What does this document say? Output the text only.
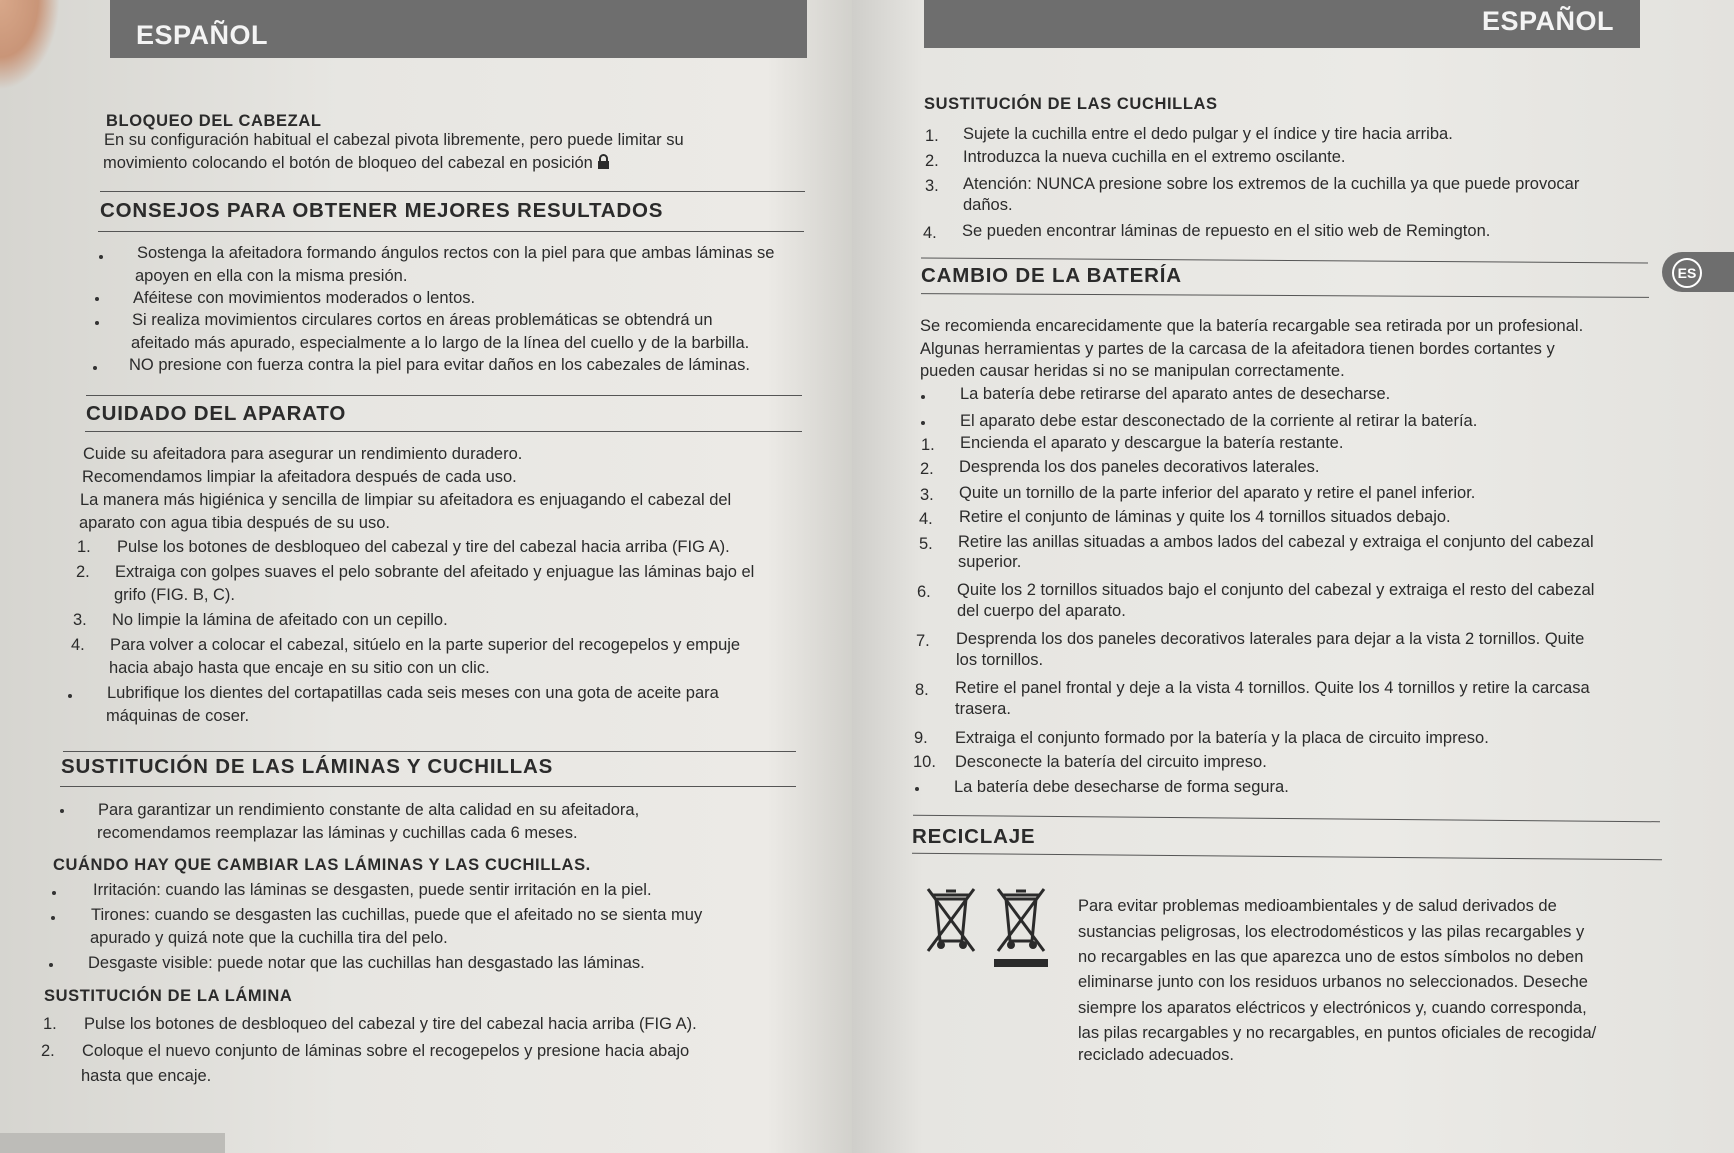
ESPAÑOL	ESPAÑOL
ES
BLOQUEO DEL CABEZAL
En su configuración habitual el cabezal pivota libremente, pero puede limitar su
movimiento colocando el botón de bloqueo del cabezal en posición
CONSEJOS PARA OBTENER MEJORES RESULTADOS
Sostenga la afeitadora formando ángulos rectos con la piel para que ambas láminas se
apoyen en ella con la misma presión.
Aféitese con movimientos moderados o lentos.
Si realiza movimientos circulares cortos en áreas problemáticas se obtendrá un
afeitado más apurado, especialmente a lo largo de la línea del cuello y de la barbilla.
NO presione con fuerza contra la piel para evitar daños en los cabezales de láminas.
CUIDADO DEL APARATO
Cuide su afeitadora para asegurar un rendimiento duradero.
Recomendamos limpiar la afeitadora después de cada uso.
La manera más higiénica y sencilla de limpiar su afeitadora es enjuagando el cabezal del
aparato con agua tibia después de su uso.
1. Pulse los botones de desbloqueo del cabezal y tire del cabezal hacia arriba (FIG A).
2. Extraiga con golpes suaves el pelo sobrante del afeitado y enjuague las láminas bajo el
grifo (FIG. B, C).
3. No limpie la lámina de afeitado con un cepillo.
4. Para volver a colocar el cabezal, sitúelo en la parte superior del recogepelos y empuje
hacia abajo hasta que encaje en su sitio con un clic.
Lubrifique los dientes del cortapatillas cada seis meses con una gota de aceite para
máquinas de coser.
SUSTITUCIÓN DE LAS LÁMINAS Y CUCHILLAS
Para garantizar un rendimiento constante de alta calidad en su afeitadora,
recomendamos reemplazar las láminas y cuchillas cada 6 meses.
CUÁNDO HAY QUE CAMBIAR LAS LÁMINAS Y LAS CUCHILLAS.
Irritación: cuando las láminas se desgasten, puede sentir irritación en la piel.
Tirones: cuando se desgasten las cuchillas, puede que el afeitado no se sienta muy
apurado y quizá note que la cuchilla tira del pelo.
Desgaste visible: puede notar que las cuchillas han desgastado las láminas.
SUSTITUCIÓN DE LA LÁMINA
1. Pulse los botones de desbloqueo del cabezal y tire del cabezal hacia arriba (FIG A).
2. Coloque el nuevo conjunto de láminas sobre el recogepelos y presione hacia abajo
hasta que encaje.
SUSTITUCIÓN DE LAS CUCHILLAS
1. Sujete la cuchilla entre el dedo pulgar y el índice y tire hacia arriba.
2. Introduzca la nueva cuchilla en el extremo oscilante.
3. Atención: NUNCA presione sobre los extremos de la cuchilla ya que puede provocar
daños.
4. Se pueden encontrar láminas de repuesto en el sitio web de Remington.
CAMBIO DE LA BATERÍA
Se recomienda encarecidamente que la batería recargable sea retirada por un profesional.
Algunas herramientas y partes de la carcasa de la afeitadora tienen bordes cortantes y
pueden causar heridas si no se manipulan correctamente.
La batería debe retirarse del aparato antes de desecharse.
El aparato debe estar desconectado de la corriente al retirar la batería.
1. Encienda el aparato y descargue la batería restante.
2. Desprenda los dos paneles decorativos laterales.
3. Quite un tornillo de la parte inferior del aparato y retire el panel inferior.
4. Retire el conjunto de láminas y quite los 4 tornillos situados debajo.
5. Retire las anillas situadas a ambos lados del cabezal y extraiga el conjunto del cabezal
superior.
6. Quite los 2 tornillos situados bajo el conjunto del cabezal y extraiga el resto del cabezal
del cuerpo del aparato.
7. Desprenda los dos paneles decorativos laterales para dejar a la vista 2 tornillos. Quite
los tornillos.
8. Retire el panel frontal y deje a la vista 4 tornillos. Quite los 4 tornillos y retire la carcasa
trasera.
9. Extraiga el conjunto formado por la batería y la placa de circuito impreso.
10. Desconecte la batería del circuito impreso.
La batería debe desecharse de forma segura.
RECICLAJE
Para evitar problemas medioambientales y de salud derivados de
sustancias peligrosas, los electrodomésticos y las pilas recargables y
no recargables en las que aparezca uno de estos símbolos no deben
eliminarse junto con los residuos urbanos no seleccionados. Deseche
siempre los aparatos eléctricos y electrónicos y, cuando corresponda,
las pilas recargables y no recargables, en puntos oficiales de recogida/
reciclado adecuados.
